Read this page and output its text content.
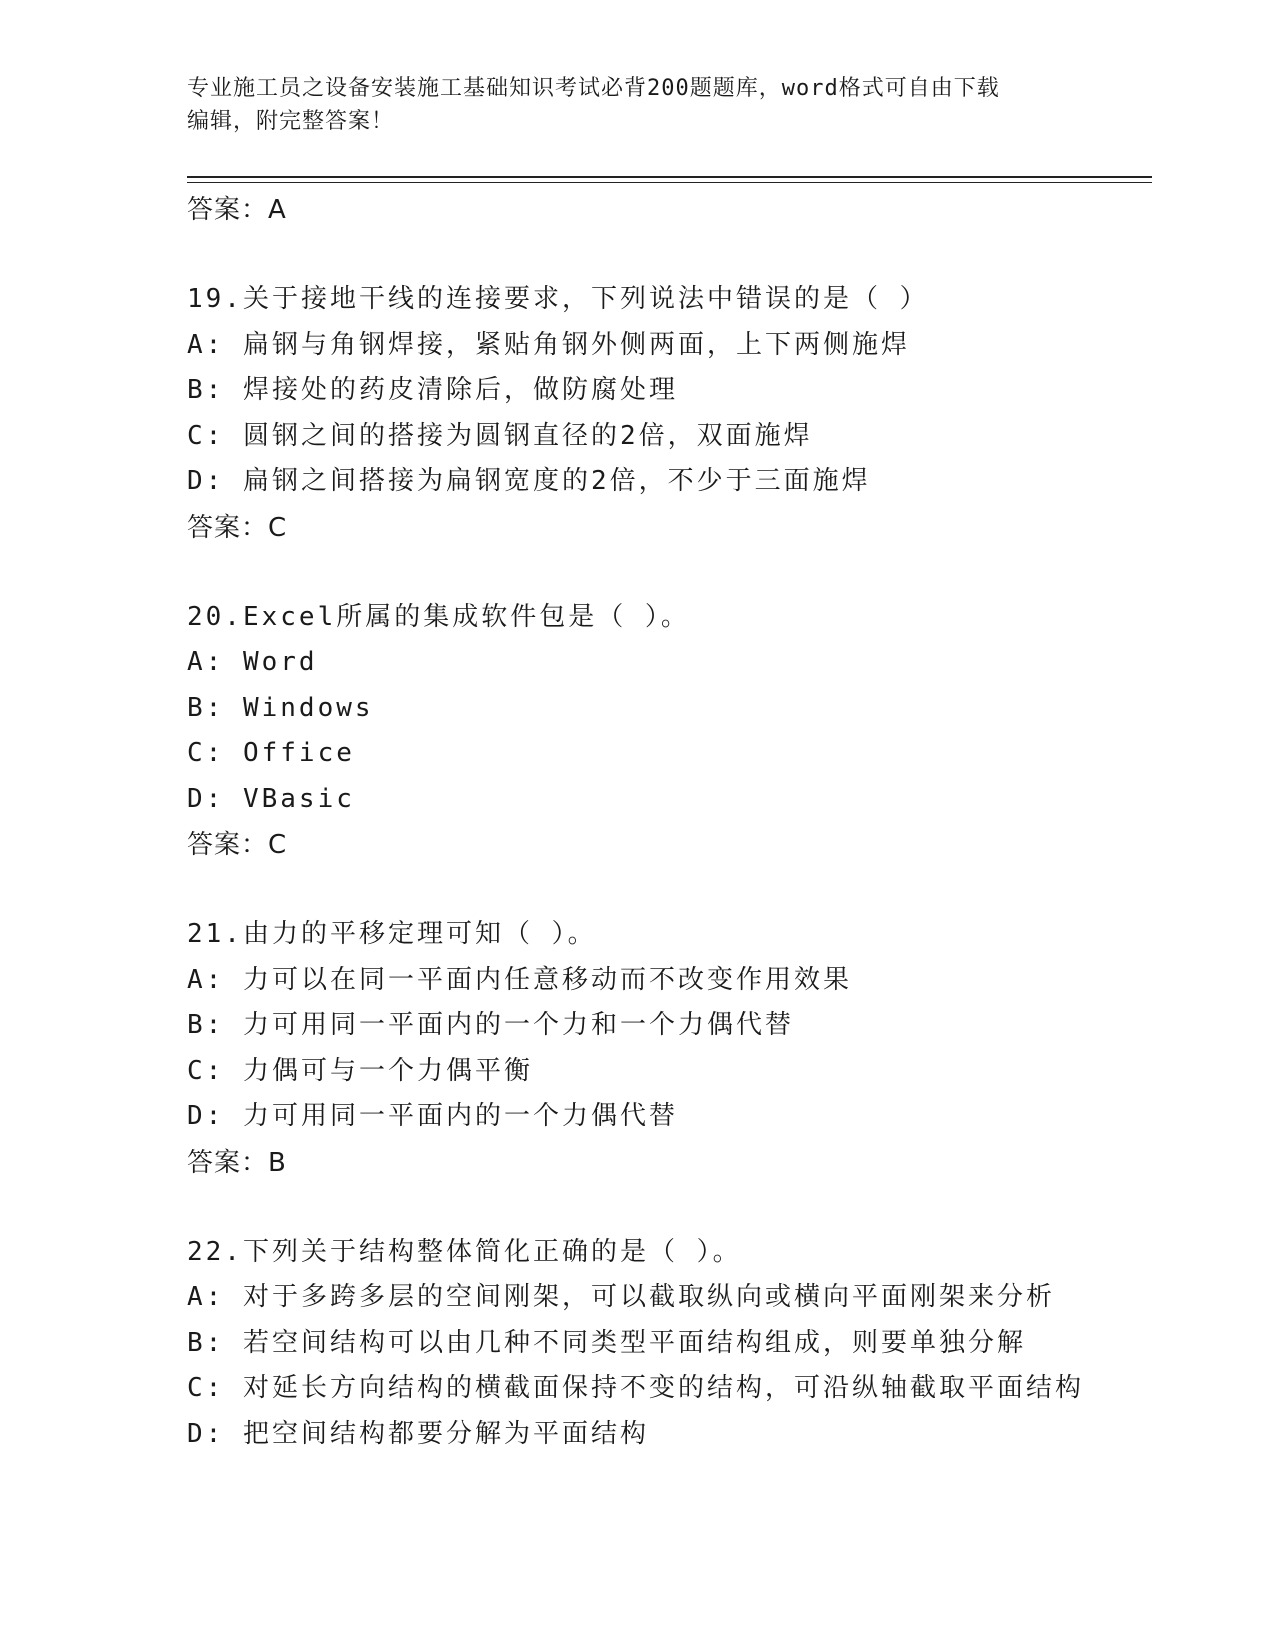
专业施工员之设备安装施工基础知识考试必背200题题库，word格式可自由下载
编辑，附完整答案！
答案：A
19.关于接地干线的连接要求，下列说法中错误的是（ ）
A: 扁钢与角钢焊接，紧贴角钢外侧两面，上下两侧施焊
B: 焊接处的药皮清除后，做防腐处理
C: 圆钢之间的搭接为圆钢直径的2倍，双面施焊
D: 扁钢之间搭接为扁钢宽度的2倍，不少于三面施焊
答案：C
20.Excel所属的集成软件包是（ ）。
A: Word
B: Windows
C: Office
D: VBasic
答案：C
21.由力的平移定理可知（ ）。
A: 力可以在同一平面内任意移动而不改变作用效果
B: 力可用同一平面内的一个力和一个力偶代替
C: 力偶可与一个力偶平衡
D: 力可用同一平面内的一个力偶代替
答案：B
22.下列关于结构整体简化正确的是（ ）。
A: 对于多跨多层的空间刚架，可以截取纵向或横向平面刚架来分析
B: 若空间结构可以由几种不同类型平面结构组成，则要单独分解
C: 对延长方向结构的横截面保持不变的结构，可沿纵轴截取平面结构
D: 把空间结构都要分解为平面结构
